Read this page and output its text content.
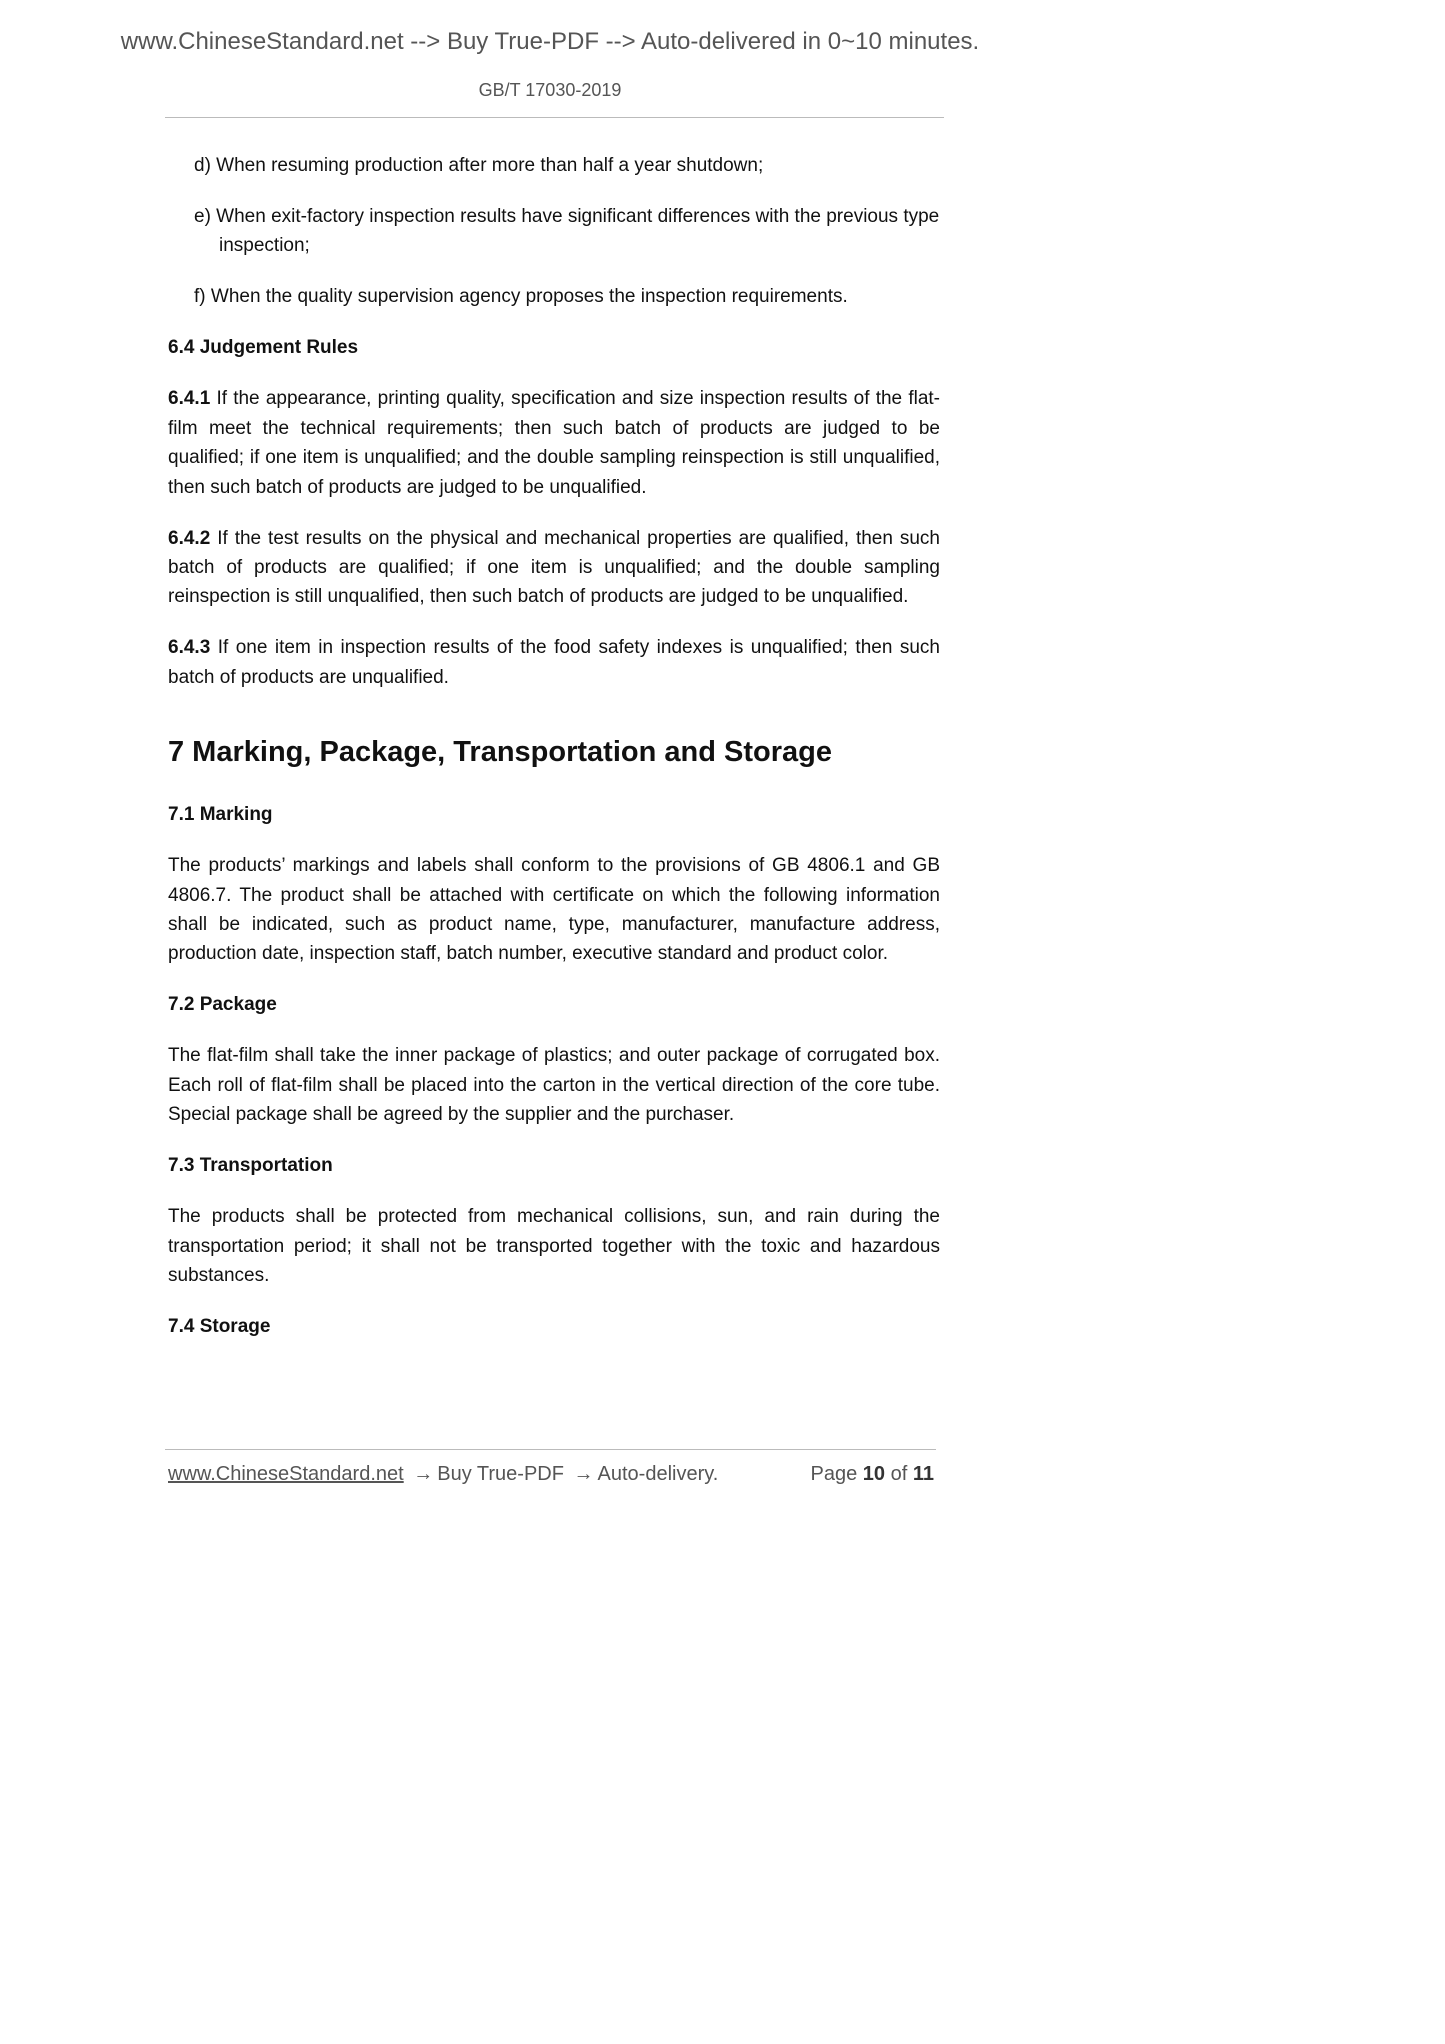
www.ChineseStandard.net --> Buy True-PDF --> Auto-delivered in 0~10 minutes.
GB/T 17030-2019
d) When resuming production after more than half a year shutdown;
e) When exit-factory inspection results have significant differences with the previous type inspection;
f) When the quality supervision agency proposes the inspection requirements.
6.4 Judgement Rules
6.4.1 If the appearance, printing quality, specification and size inspection results of the flat-film meet the technical requirements; then such batch of products are judged to be qualified; if one item is unqualified; and the double sampling reinspection is still unqualified, then such batch of products are judged to be unqualified.
6.4.2 If the test results on the physical and mechanical properties are qualified, then such batch of products are qualified; if one item is unqualified; and the double sampling reinspection is still unqualified, then such batch of products are judged to be unqualified.
6.4.3 If one item in inspection results of the food safety indexes is unqualified; then such batch of products are unqualified.
7 Marking, Package, Transportation and Storage
7.1 Marking
The products’ markings and labels shall conform to the provisions of GB 4806.1 and GB 4806.7. The product shall be attached with certificate on which the following information shall be indicated, such as product name, type, manufacturer, manufacture address, production date, inspection staff, batch number, executive standard and product color.
7.2 Package
The flat-film shall take the inner package of plastics; and outer package of corrugated box. Each roll of flat-film shall be placed into the carton in the vertical direction of the core tube. Special package shall be agreed by the supplier and the purchaser.
7.3 Transportation
The products shall be protected from mechanical collisions, sun, and rain during the transportation period; it shall not be transported together with the toxic and hazardous substances.
7.4 Storage
www.ChineseStandard.net → Buy True-PDF → Auto-delivery.	Page 10 of 11
